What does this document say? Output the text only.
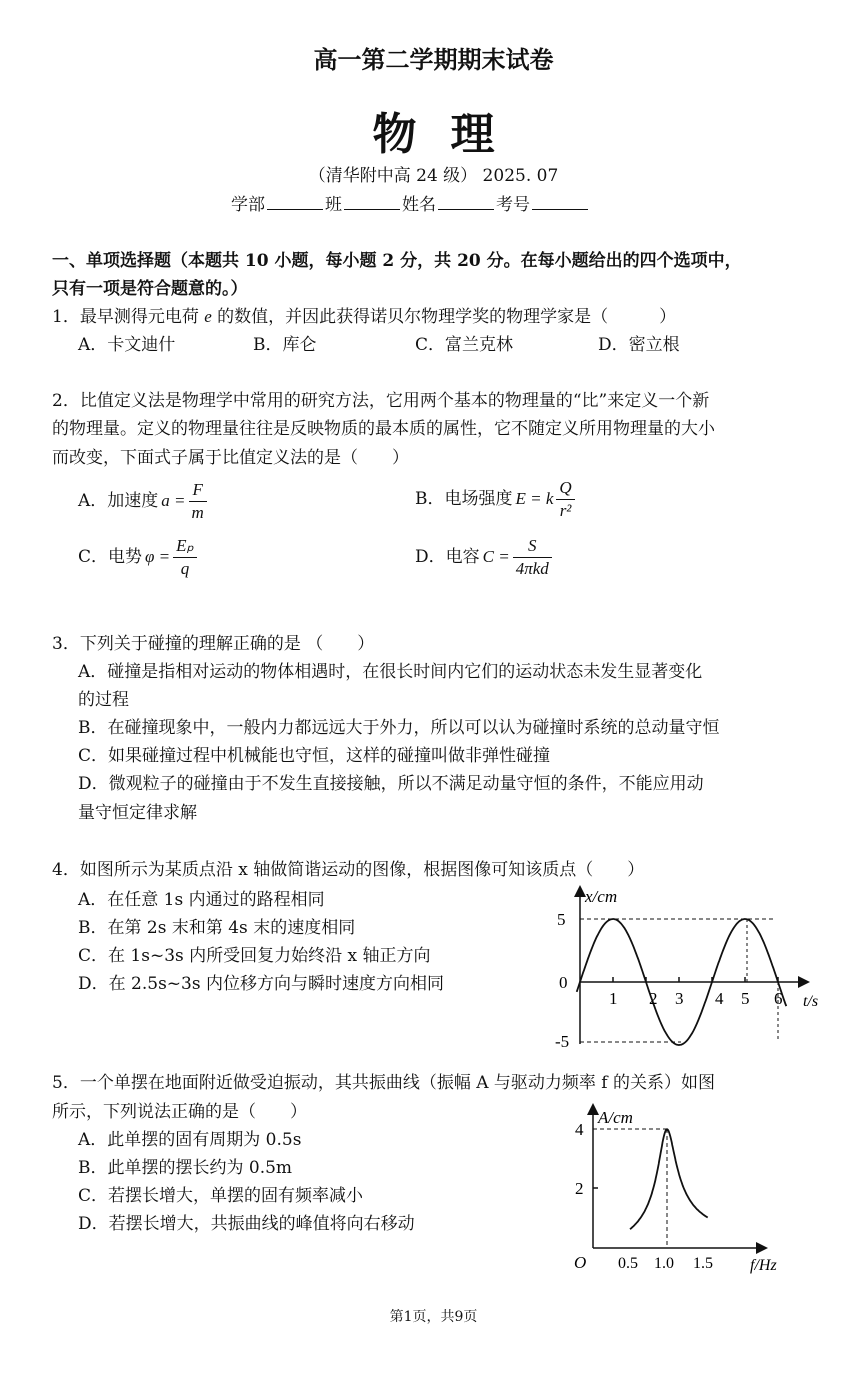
高一第二学期期末试卷
物理
（清华附中高 24 级） 2025. 07
学部	班	姓名	考号
一、单项选择题（本题共 10 小题，每小题 2 分，共 20 分。在每小题给出的四个选项中，
只有一项是符合题意的。）
1．最早测得元电荷 e 的数值，并因此获得诺贝尔物理学奖的物理学家是（　　　）
A．卡文迪什	B．库仑	C．富兰克林	D．密立根
2．比值定义法是物理学中常用的研究方法，它用两个基本的物理量的“比”来定义一个新
的物理量。定义的物理量往往是反映物质的最本质的属性，它不随定义所用物理量的大小
而改变，下面式子属于比值定义法的是（　　）
A．加速度 $a = \frac{F}{m}$	B．电场强度 E = k $\frac{Q}{\text{r²}}$
C．电势 $\varphi = \frac{\text{Eₚ}}{q}$	D．电容 $C = \frac{S}{\text{4πkd}}$
3．下列关于碰撞的理解正确的是 （　　）
A．碰撞是指相对运动的物体相遇时，在很长时间内它们的运动状态未发生显著变化
的过程
B．在碰撞现象中，一般内力都远远大于外力，所以可以认为碰撞时系统的总动量守恒
C．如果碰撞过程中机械能也守恒，这样的碰撞叫做非弹性碰撞
D．微观粒子的碰撞由于不发生直接接触，所以不满足动量守恒的条件，不能应用动
量守恒定律求解
4．如图所示为某质点沿 x 轴做简谐运动的图像，根据图像可知该质点（　　）
A．在任意 1s 内通过的路程相同
B．在第 2s 末和第 4s 末的速度相同
C．在 1s~3s 内所受回复力始终沿 x 轴正方向
D．在 2.5s~3s 内位移方向与瞬时速度方向相同
x/cm
t/s
5
0
-5
1 2 3 4 5 6
5．一个单摆在地面附近做受迫振动，其共振曲线（振幅 A 与驱动力频率 f 的关系）如图
所示，下列说法正确的是（　　）
A．此单摆的固有周期为 0.5s
B．此单摆的摆长约为 0.5m
C．若摆长增大，单摆的固有频率减小
D．若摆长增大，共振曲线的峰值将向右移动
A/cm
f/Hz
4
2
O 0.5 1.0 1.5
第1页，共9页
